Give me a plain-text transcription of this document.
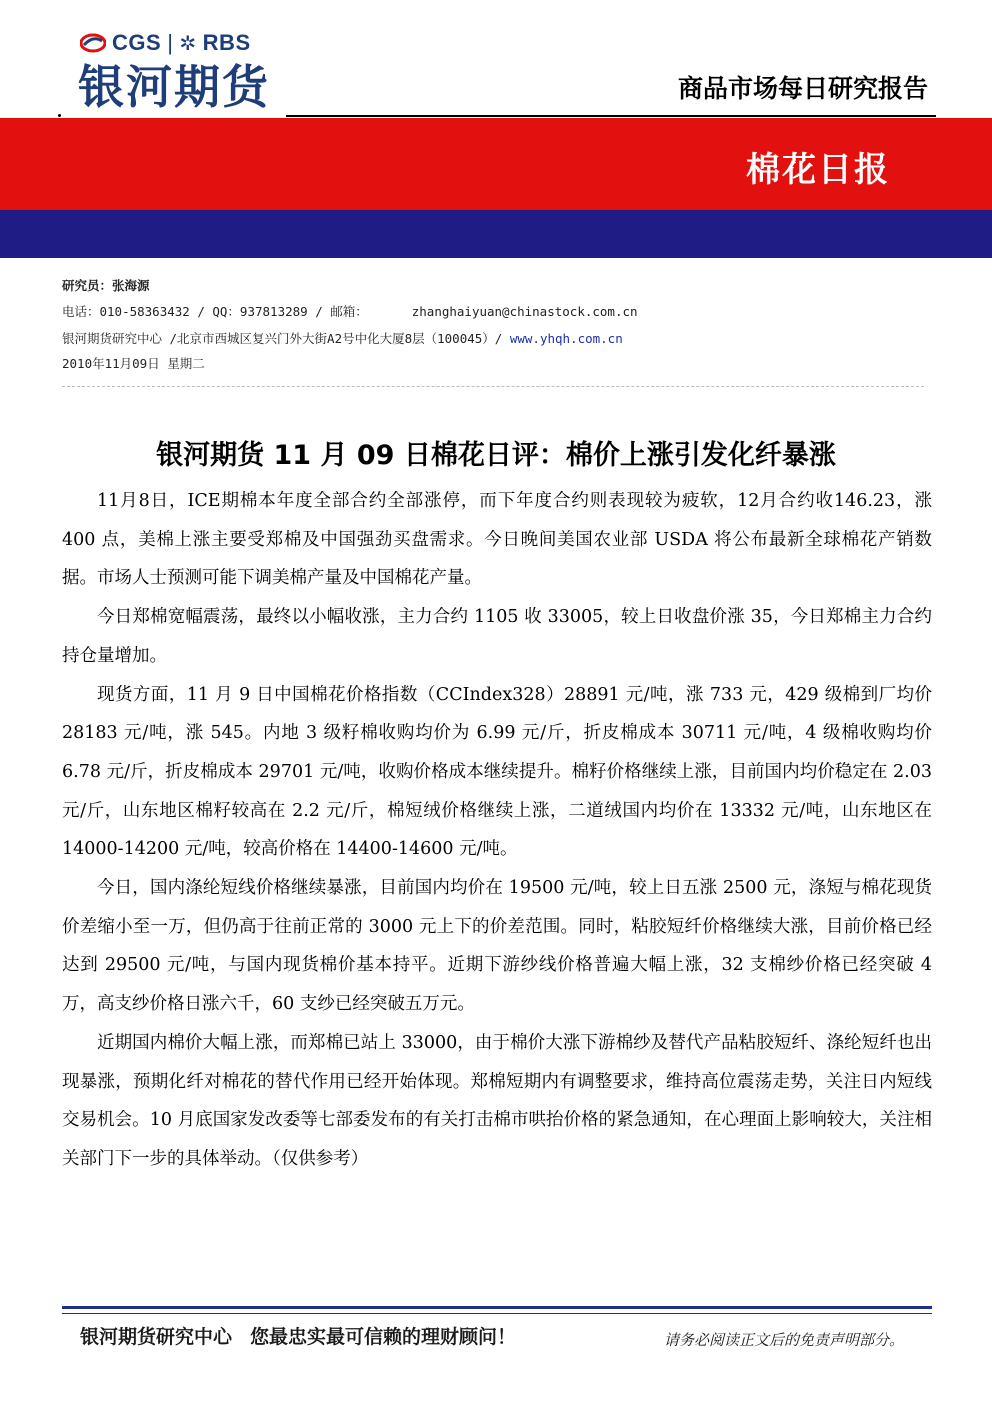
CGS | ✲ RBS
银河期货	商品市场每日研究报告
棉花日报
研究员：张海源
电话：010-58363432 / QQ：937813289 / 邮箱：	zhanghaiyuan@chinastock.com.cn
银河期货研究中心 /北京市西城区复兴门外大街A2号中化大厦8层（100045）/ www.yhqh.com.cn
2010年11月09日 星期二
银河期货 11 月 09 日棉花日评：棉价上涨引发化纤暴涨

11月8日，ICE期棉本年度全部合约全部涨停，而下年度合约则表现较为疲软，12月合约收146.23，涨 400 点，美棉上涨主要受郑棉及中国强劲买盘需求。今日晚间美国农业部 USDA 将公布最新全球棉花产销数据。市场人士预测可能下调美棉产量及中国棉花产量。

今日郑棉宽幅震荡，最终以小幅收涨，主力合约 1105 收 33005，较上日收盘价涨 35，今日郑棉主力合约持仓量增加。

现货方面，11 月 9 日中国棉花价格指数（CCIndex328）28891 元/吨，涨 733 元，429 级棉到厂均价 28183 元/吨，涨 545。内地 3 级籽棉收购均价为 6.99 元/斤，折皮棉成本 30711 元/吨，4 级棉收购均价 6.78 元/斤，折皮棉成本 29701 元/吨，收购价格成本继续提升。棉籽价格继续上涨，目前国内均价稳定在 2.03 元/斤，山东地区棉籽较高在 2.2 元/斤，棉短绒价格继续上涨，二道绒国内均价在 13332 元/吨，山东地区在 14000-14200 元/吨，较高价格在 14400-14600 元/吨。

今日，国内涤纶短线价格继续暴涨，目前国内均价在 19500 元/吨，较上日五涨 2500 元，涤短与棉花现货价差缩小至一万，但仍高于往前正常的 3000 元上下的价差范围。同时，粘胶短纤价格继续大涨，目前价格已经达到 29500 元/吨，与国内现货棉价基本持平。近期下游纱线价格普遍大幅上涨，32 支棉纱价格已经突破 4 万，高支纱价格日涨六千，60 支纱已经突破五万元。

近期国内棉价大幅上涨，而郑棉已站上 33000，由于棉价大涨下游棉纱及替代产品粘胶短纤、涤纶短纤也出现暴涨，预期化纤对棉花的替代作用已经开始体现。郑棉短期内有调整要求，维持高位震荡走势，关注日内短线交易机会。10 月底国家发改委等七部委发布的有关打击棉市哄抬价格的紧急通知，在心理面上影响较大，关注相关部门下一步的具体举动。（仅供参考）

银河期货研究中心 您最忠实最可信赖的理财顾问！	请务必阅读正文后的免责声明部分。
